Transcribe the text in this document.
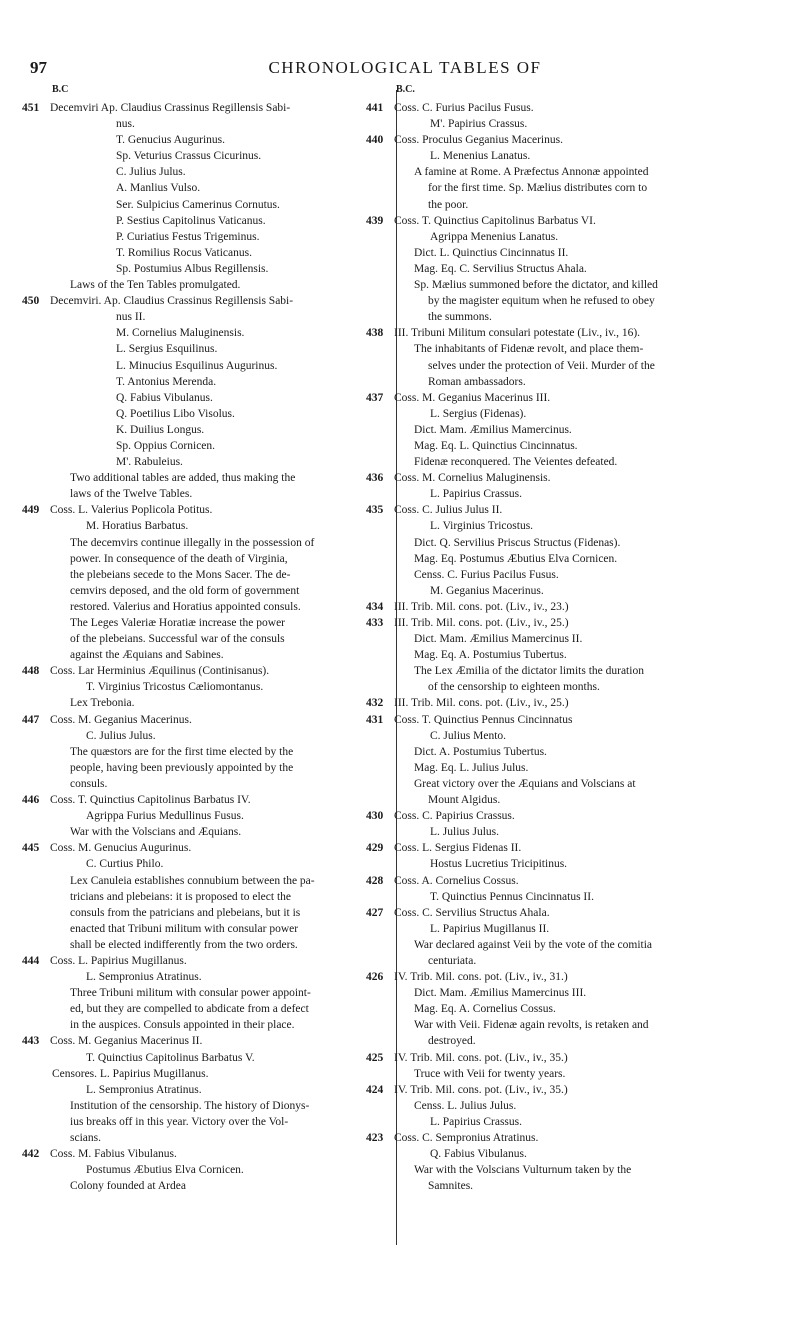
97	CHRONOLOGICAL TABLES OF
B.C
451 Decemviri Ap. Claudius Crassinus Regillensis Sabi-
nus.
T. Genucius Augurinus.
Sp. Veturius Crassus Cicurinus.
C. Julius Julus.
A. Manlius Vulso.
Ser. Sulpicius Camerinus Cornutus.
P. Sestius Capitolinus Vaticanus.
P. Curiatius Festus Trigeminus.
T. Romilius Rocus Vaticanus.
Sp. Postumius Albus Regillensis.
Laws of the Ten Tables promulgated.
450 Decemviri. Ap. Claudius Crassinus Regillensis Sabi-
nus II.
M. Cornelius Maluginensis.
L. Sergius Esquilinus.
L. Minucius Esquilinus Augurinus.
T. Antonius Merenda.
Q. Fabius Vibulanus.
Q. Poetilius Libo Visolus.
K. Duilius Longus.
Sp. Oppius Cornicen.
M'. Rabuleius.
Two additional tables are added, thus making the
laws of the Twelve Tables.
449 Coss. L. Valerius Poplicola Potitus.
M. Horatius Barbatus.
The decemvirs continue illegally in the possession of
power. In consequence of the death of Virginia,
the plebeians secede to the Mons Sacer. The de-
cemvirs deposed, and the old form of government
restored. Valerius and Horatius appointed consuls.
The Leges Valeriæ Horatiæ increase the power
of the plebeians. Successful war of the consuls
against the Æquians and Sabines.
448 Coss. Lar Herminius Æquilinus (Continisanus).
T. Virginius Tricostus Cæliomontanus.
Lex Trebonia.
447 Coss. M. Geganius Macerinus.
C. Julius Julus.
The quæstors are for the first time elected by the
people, having been previously appointed by the
consuls.
446 Coss. T. Quinctius Capitolinus Barbatus IV.
Agrippa Furius Medullinus Fusus.
War with the Volscians and Æquians.
445 Coss. M. Genucius Augurinus.
C. Curtius Philo.
Lex Canuleia establishes connubium between the pa-
tricians and plebeians: it is proposed to elect the
consuls from the patricians and plebeians, but it is
enacted that Tribuni militum with consular power
shall be elected indifferently from the two orders.
444 Coss. L. Papirius Mugillanus.
L. Sempronius Atratinus.
Three Tribuni militum with consular power appoint-
ed, but they are compelled to abdicate from a defect
in the auspices. Consuls appointed in their place.
443 Coss. M. Geganius Macerinus II.
T. Quinctius Capitolinus Barbatus V.
Censores. L. Papirius Mugillanus.
L. Sempronius Atratinus.
Institution of the censorship. The history of Dionys-
ius breaks off in this year. Victory over the Vol-
scians.
442 Coss. M. Fabius Vibulanus.
Postumus Æbutius Elva Cornicen.
Colony founded at Ardea
B.C.
441 Coss. C. Furius Pacilus Fusus.
M'. Papirius Crassus.
440 Coss. Proculus Geganius Macerinus.
L. Menenius Lanatus.
A famine at Rome. A Præfectus Annonæ appointed
for the first time. Sp. Mælius distributes corn to
the poor.
439 Coss. T. Quinctius Capitolinus Barbatus VI.
Agrippa Menenius Lanatus.
Dict. L. Quinctius Cincinnatus II.
Mag. Eq. C. Servilius Structus Ahala.
Sp. Mælius summoned before the dictator, and killed
by the magister equitum when he refused to obey
the summons.
438 III. Tribuni Militum consulari potestate (Liv., iv., 16).
The inhabitants of Fidenæ revolt, and place them-
selves under the protection of Veii. Murder of the
Roman ambassadors.
437 Coss. M. Geganius Macerinus III.
L. Sergius (Fidenas).
Dict. Mam. Æmilius Mamercinus.
Mag. Eq. L. Quinctius Cincinnatus.
Fidenæ reconquered. The Veientes defeated.
436 Coss. M. Cornelius Maluginensis.
L. Papirius Crassus.
435 Coss. C. Julius Julus II.
L. Virginius Tricostus.
Dict. Q. Servilius Priscus Structus (Fidenas).
Mag. Eq. Postumus Æbutius Elva Cornicen.
Censs. C. Furius Pacilus Fusus.
M. Geganius Macerinus.
434 III. Trib. Mil. cons. pot. (Liv., iv., 23.)
433 III. Trib. Mil. cons. pot. (Liv., iv., 25.)
Dict. Mam. Æmilius Mamercinus II.
Mag. Eq. A. Postumius Tubertus.
The Lex Æmilia of the dictator limits the duration
of the censorship to eighteen months.
432 III. Trib. Mil. cons. pot. (Liv., iv., 25.)
431 Coss. T. Quinctius Pennus Cincinnatus
C. Julius Mento.
Dict. A. Postumius Tubertus.
Mag. Eq. L. Julius Julus.
Great victory over the Æquians and Volscians at
Mount Algidus.
430 Coss. C. Papirius Crassus.
L. Julius Julus.
429 Coss. L. Sergius Fidenas II.
Hostus Lucretius Tricipitinus.
428 Coss. A. Cornelius Cossus.
T. Quinctius Pennus Cincinnatus II.
427 Coss. C. Servilius Structus Ahala.
L. Papirius Mugillanus II.
War declared against Veii by the vote of the comitia
centuriata.
426 IV. Trib. Mil. cons. pot. (Liv., iv., 31.)
Dict. Mam. Æmilius Mamercinus III.
Mag. Eq. A. Cornelius Cossus.
War with Veii. Fidenæ again revolts, is retaken and
destroyed.
425 IV. Trib. Mil. cons. pot. (Liv., iv., 35.)
Truce with Veii for twenty years.
424 IV. Trib. Mil. cons. pot. (Liv., iv., 35.)
Censs. L. Julius Julus.
L. Papirius Crassus.
423 Coss. C. Sempronius Atratinus.
Q. Fabius Vibulanus.
War with the Volscians Vulturnum taken by the
Samnites.
